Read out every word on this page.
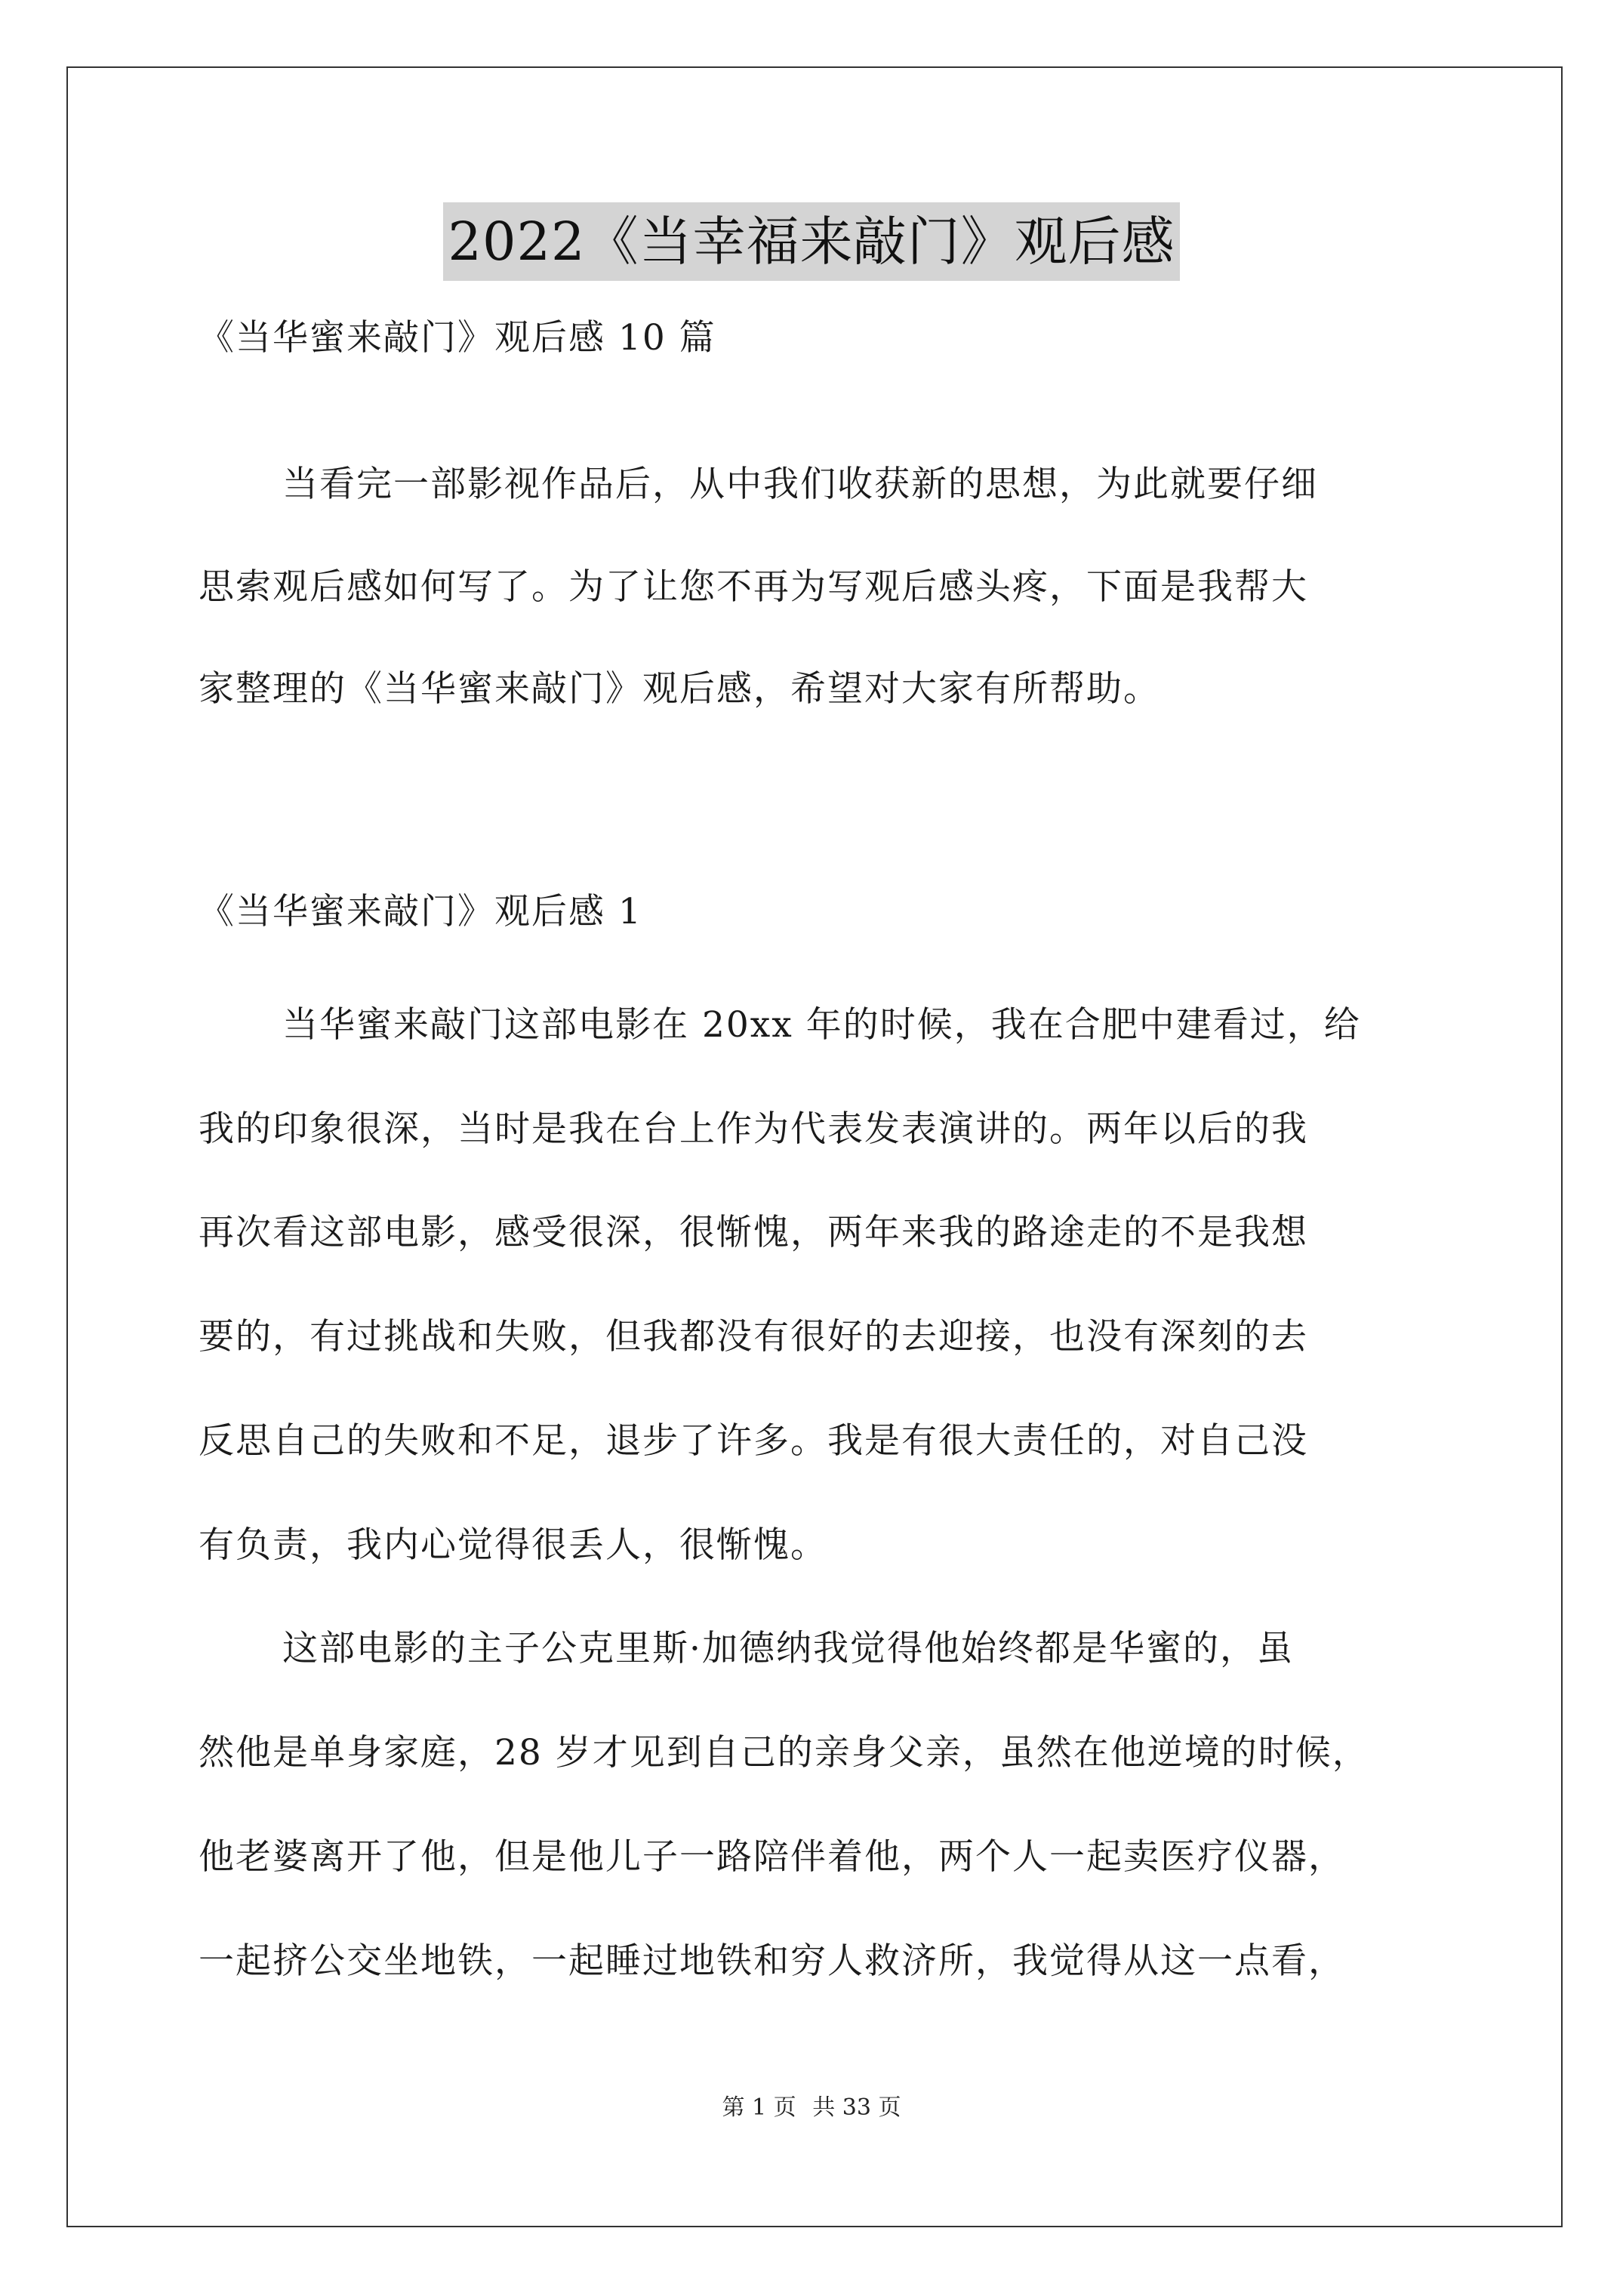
2022《当幸福来敲门》观后感
《当华蜜来敲门》观后感 10 篇
当看完一部影视作品后，从中我们收获新的思想，为此就要仔细
思索观后感如何写了。为了让您不再为写观后感头疼，下面是我帮大
家整理的《当华蜜来敲门》观后感，希望对大家有所帮助。
《当华蜜来敲门》观后感 1
当华蜜来敲门这部电影在 20xx 年的时候，我在合肥中建看过，给
我的印象很深，当时是我在台上作为代表发表演讲的。两年以后的我
再次看这部电影，感受很深，很惭愧，两年来我的路途走的不是我想
要的，有过挑战和失败，但我都没有很好的去迎接，也没有深刻的去
反思自己的失败和不足，退步了许多。我是有很大责任的，对自己没
有负责，我内心觉得很丢人，很惭愧。
这部电影的主子公克里斯·加德纳我觉得他始终都是华蜜的，虽
然他是单身家庭，28 岁才见到自己的亲身父亲，虽然在他逆境的时候，
他老婆离开了他，但是他儿子一路陪伴着他，两个人一起卖医疗仪器，
一起挤公交坐地铁，一起睡过地铁和穷人救济所，我觉得从这一点看，
第 1 页 共 33 页
